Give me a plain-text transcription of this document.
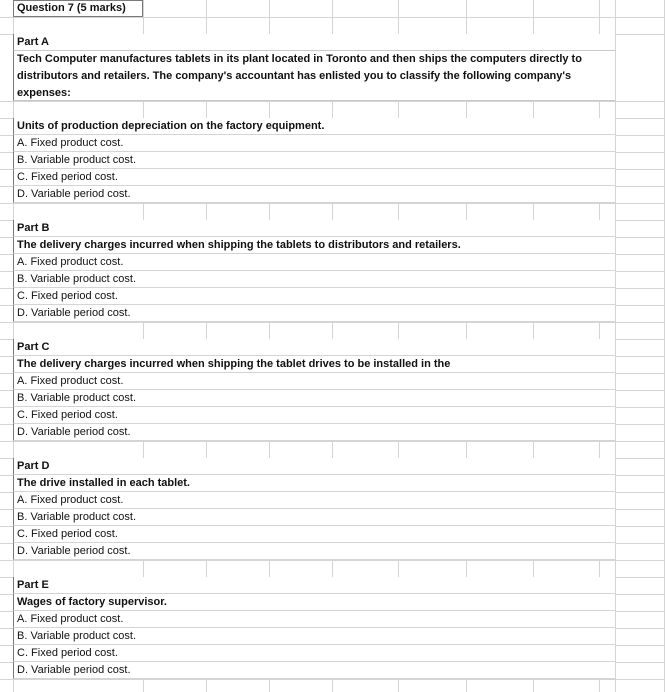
Question 7 (5 marks)
Part A
Tech Computer manufactures tablets in its plant located in Toronto and then ships the computers directly to distributors and retailers. The company's accountant has enlisted you to classify the following company's expenses:
Units of production depreciation on the factory equipment.
A. Fixed product cost.
B. Variable product cost.
C. Fixed period cost.
D. Variable period cost.
Part B
The delivery charges incurred when shipping the tablets to distributors and retailers.
A. Fixed product cost.
B. Variable product cost.
C. Fixed period cost.
D. Variable period cost.
Part C
The delivery charges incurred when shipping the tablet drives to be installed in the
A. Fixed product cost.
B. Variable product cost.
C. Fixed period cost.
D. Variable period cost.
Part D
The drive installed in each tablet.
A. Fixed product cost.
B. Variable product cost.
C. Fixed period cost.
D. Variable period cost.
Part E
Wages of factory supervisor.
A. Fixed product cost.
B. Variable product cost.
C. Fixed period cost.
D. Variable period cost.
